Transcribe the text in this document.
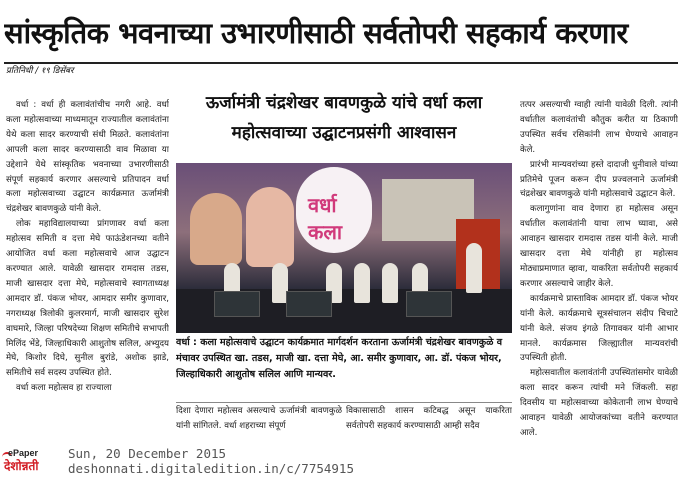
सांस्कृतिक भवनाच्या उभारणीसाठी सर्वतोपरी सहकार्य करणार
प्रतिनिधी / १९ डिसेंबर

वर्धा : वर्धा ही कलावंतांचीच नगरी आहे. वर्धा कला महोत्सवाच्या माध्यमातून राज्यातील कलावंतांना येथे कला सादर करण्याची संधी मिळते. कलावंतांना आपली कला सादर करण्यासाठी वाव मिळावा या उद्देशाने येथे सांस्कृतिक भवनाच्या उभारणीसाठी संपूर्ण सहकार्य करणार असल्याचे प्रतिपादन वर्धा कला महोत्सवाच्या उद्घाटन कार्यक्रमात ऊर्जामंत्री चंद्रशेखर बावणकुळे यांनी केले.

लोक महाविद्यालयाच्या प्रांगणावर वर्धा कला महोत्सव समिती व दत्ता मेघे फाऊंडेशनच्या वतीने आयोजित वर्धा कला महोत्सवाचे आज उद्घाटन करण्यात आले. यावेळी खासदार रामदास तडस, माजी खासदार दत्ता मेघे, महोत्सवाचे स्वागताध्यक्ष आमदार डॉ. पंकज भोयर, आमदार समीर कुणावार, नगराध्यक्ष त्रिलोकी कुलरमार्ग, माजी खासदार सुरेश वाघमारे, जिल्हा परिषदेच्या शिक्षण समितीचे सभापती मिलिंद भेंडे, जिल्हाधिकारी आशुतोष सलिल, अभ्युदय मेघे, किशोर दिघे, सुनील बुरांडे, अशोक झाडे, समितीचे सर्व सदस्य उपस्थित होते.

वर्धा कला महोत्सव हा राज्याला

ऊर्जामंत्री चंद्रशेखर बावणकुळे यांचे वर्धा कला महोत्सवाच्या उद्घाटनप्रसंगी आश्वासन
वर्धा कला
वर्धा : कला महोत्सवाचे उद्घाटन कार्यक्रमात मार्गदर्शन करताना ऊर्जामंत्री चंद्रशेखर बावणकुळे व मंचावर उपस्थित खा. तडस, माजी खा. दत्ता मेघे, आ. समीर कुणावार, आ. डॉ. पंकज भोयर, जिल्हाधिकारी आशुतोष सलिल आणि मान्यवर.

दिशा देणारा महोत्सव असल्याचे ऊर्जामंत्री बावणकुळे यांनी सांगितले. वर्धा शहराच्या संपूर्ण

विकासासाठी शासन कटिबद्ध असून याकरिता सर्वतोपरी सहकार्य करण्यासाठी आम्ही सदैव

तत्पर असल्याची ग्वाही त्यांनी यावेळी दिली. त्यांनी वर्धातील कलावंतांची कौतुक करीत या ठिकाणी उपस्थित सर्वच रसिकांनी लाभ घेण्याचे आवाहन केले.

प्रारंभी मान्यवरांच्या हस्ते दादाजी धुनीवाले यांच्या प्रतिमेचे पूजन करून दीप प्रज्वलनाने ऊर्जामंत्री चंद्रशेखर बावणकुळे यांनी महोत्सवाचे उद्घाटन केले.

कलागुणांना वाव देणारा हा महोत्सव असून वर्धातील कलावंतांनी याचा लाभ घ्यावा, असे आवाहन खासदार रामदास तडस यांनी केले. माजी खासदार दत्ता मेघे यांनीही हा महोत्सव मोठ्याप्रमाणात व्हावा, याकरिता सर्वतोपरी सहकार्य करणार असल्याचे जाहीर केले.

कार्यक्रमाचे प्रास्ताविक आमदार डॉ. पंकज भोयर यांनी केले. कार्यक्रमाचे सूत्रसंचालन संदीप चिचाटे यांनी केले. संजय इंगळे तिगावकर यांनी आभार मानले. कार्यक्रमास जिल्ह्यातील मान्यवरांची उपस्थिती होती.

महोत्सवातील कलावंतांनी उपस्थितांसमोर यावेळी कला सादर करून त्यांची मने जिंकली. सहा दिवसीय या महोत्सवाच्या कोकेतानी लाभ घेण्याचे आवाहन यावेळी आयोजकांच्या वतीने करण्यात आले.

ePaper
देशोन्नती
Sun, 20 December 2015
deshonnati.digitaledition.in/c/7754915
